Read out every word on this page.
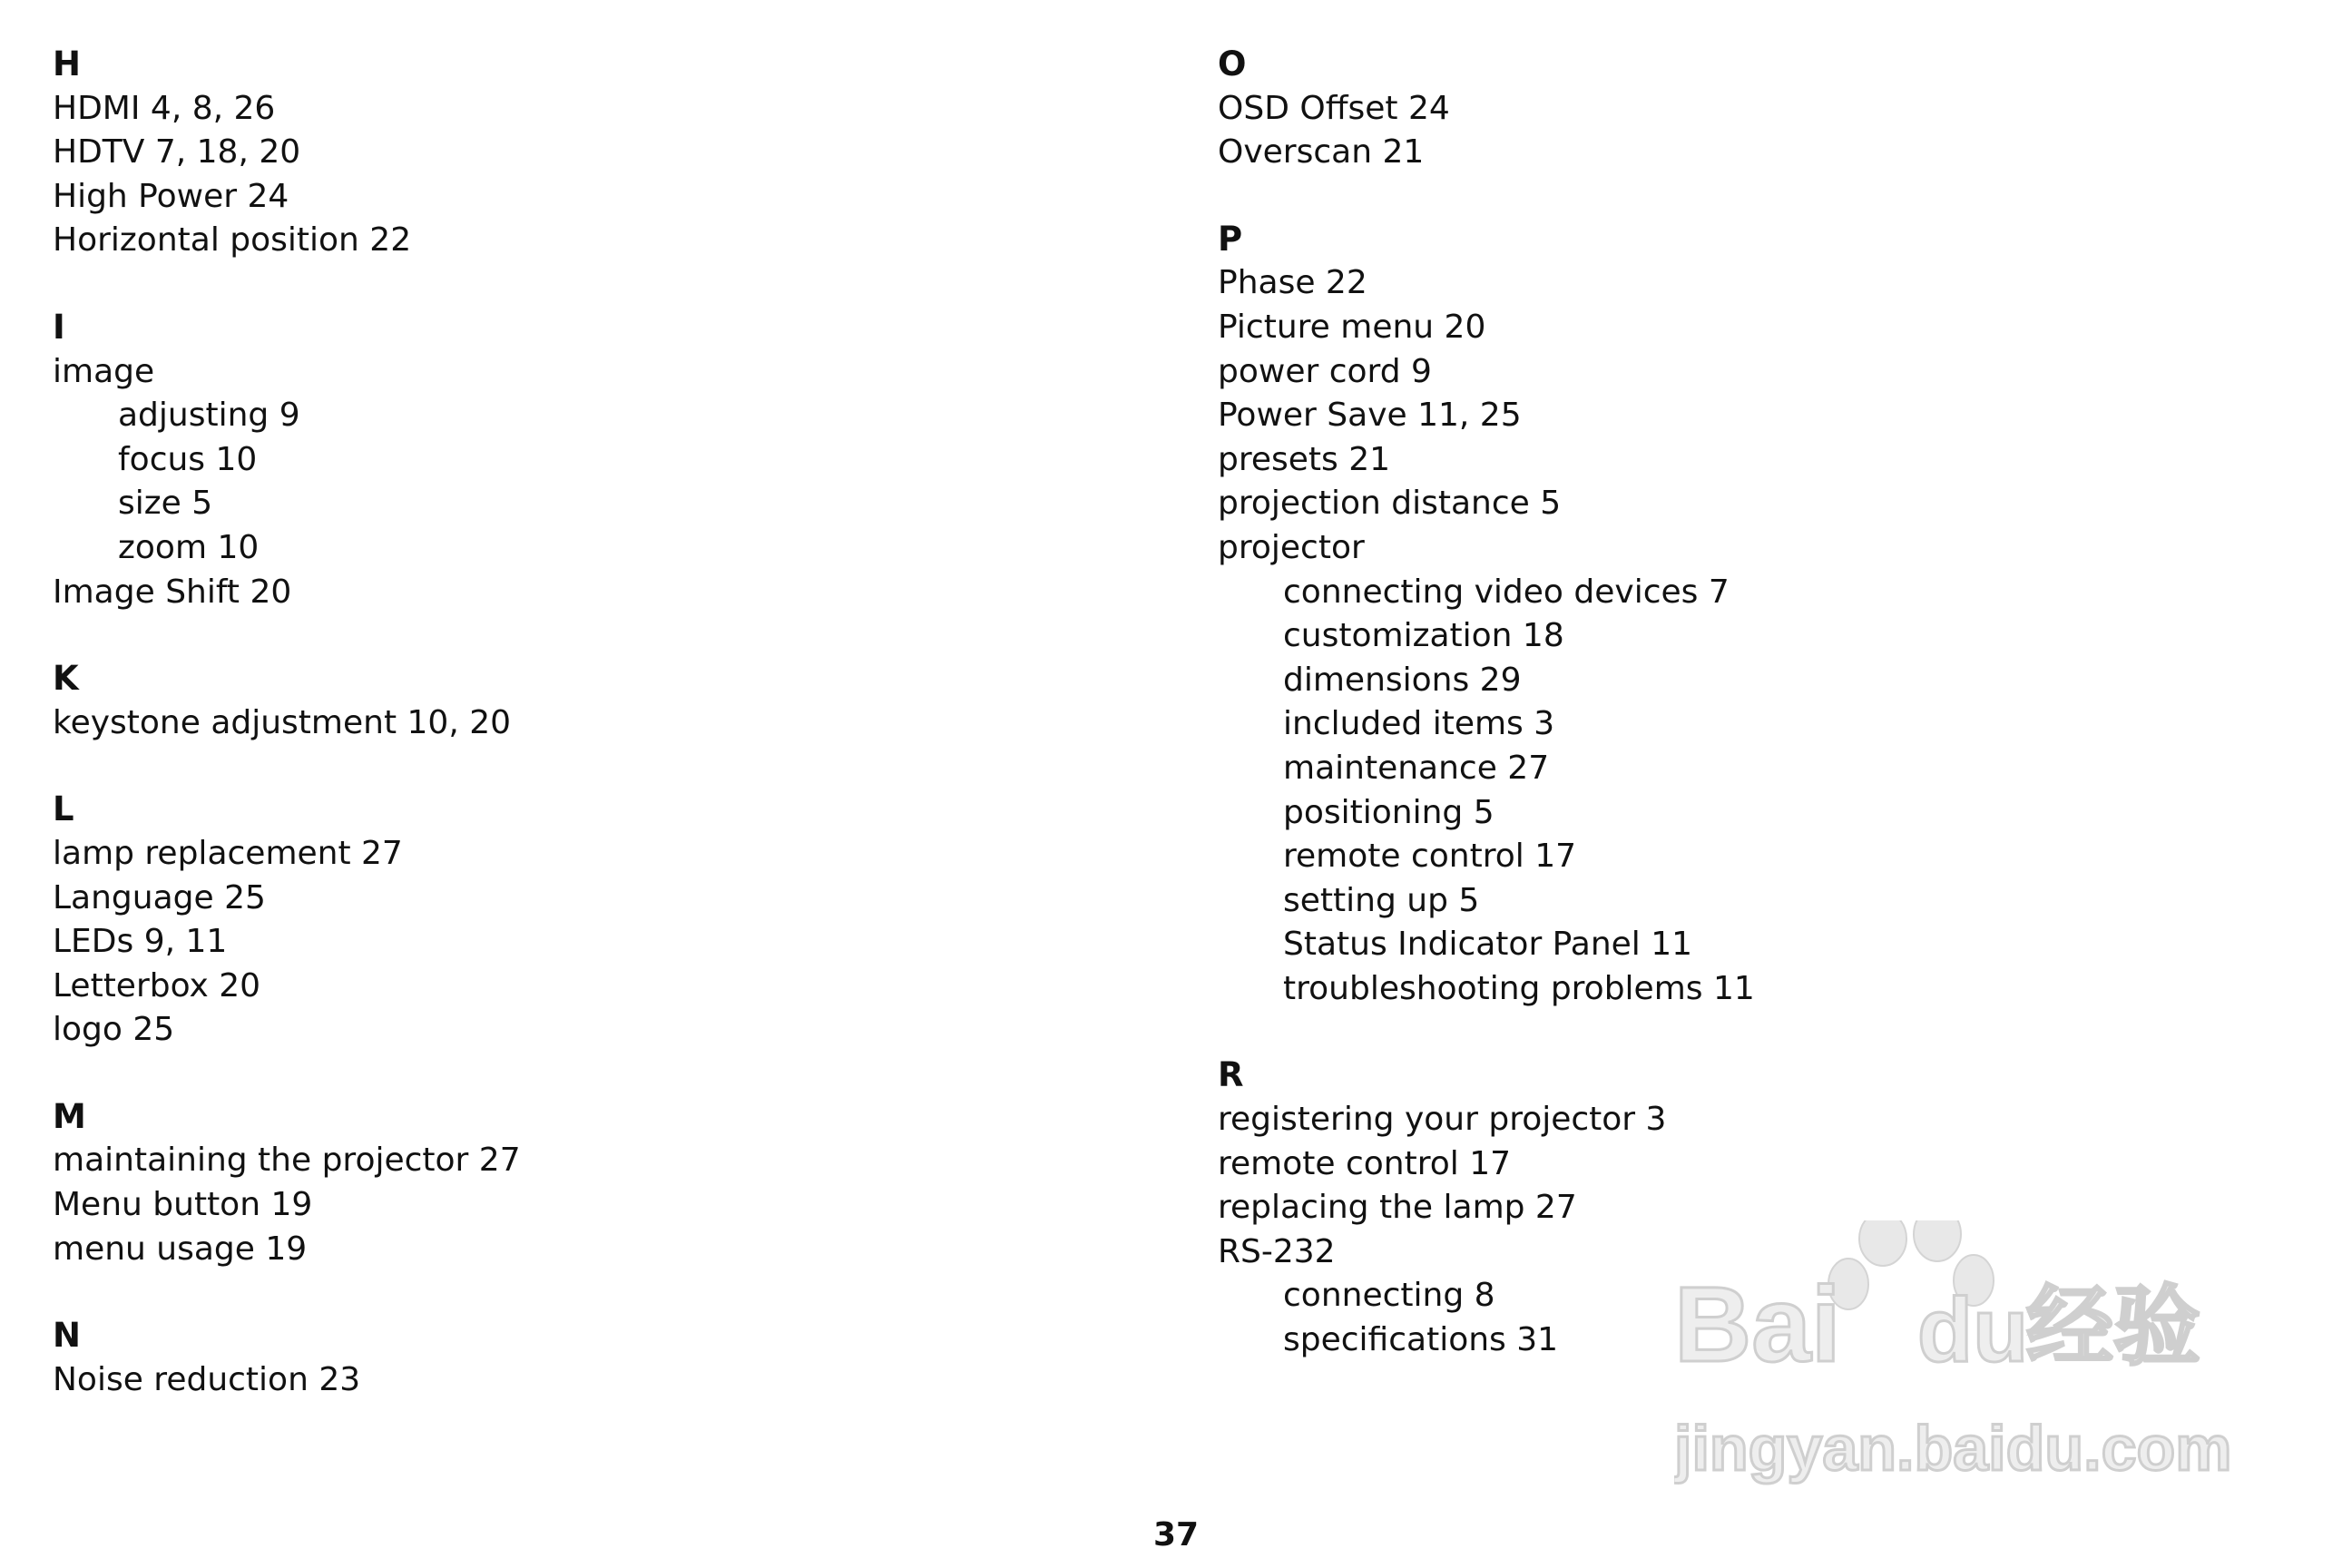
H
HDMI 4, 8, 26
HDTV 7, 18, 20
High Power 24
Horizontal position 22
I
image
adjusting 9
focus 10
size 5
zoom 10
Image Shift 20
K
keystone adjustment 10, 20
L
lamp replacement 27
Language 25
LEDs 9, 11
Letterbox 20
logo 25
M
maintaining the projector 27
Menu button 19
menu usage 19
N
Noise reduction 23
O
OSD Offset 24
Overscan 21
P
Phase 22
Picture menu 20
power cord 9
Power Save 11, 25
presets 21
projection distance 5
projector
connecting video devices 7
customization 18
dimensions 29
included items 3
maintenance 27
positioning 5
remote control 17
setting up 5
Status Indicator Panel 11
troubleshooting problems 11
R
registering your projector 3
remote control 17
replacing the lamp 27
RS-232
connecting 8
specifications 31
37
Bai du
经验
jingyan.baidu.com
